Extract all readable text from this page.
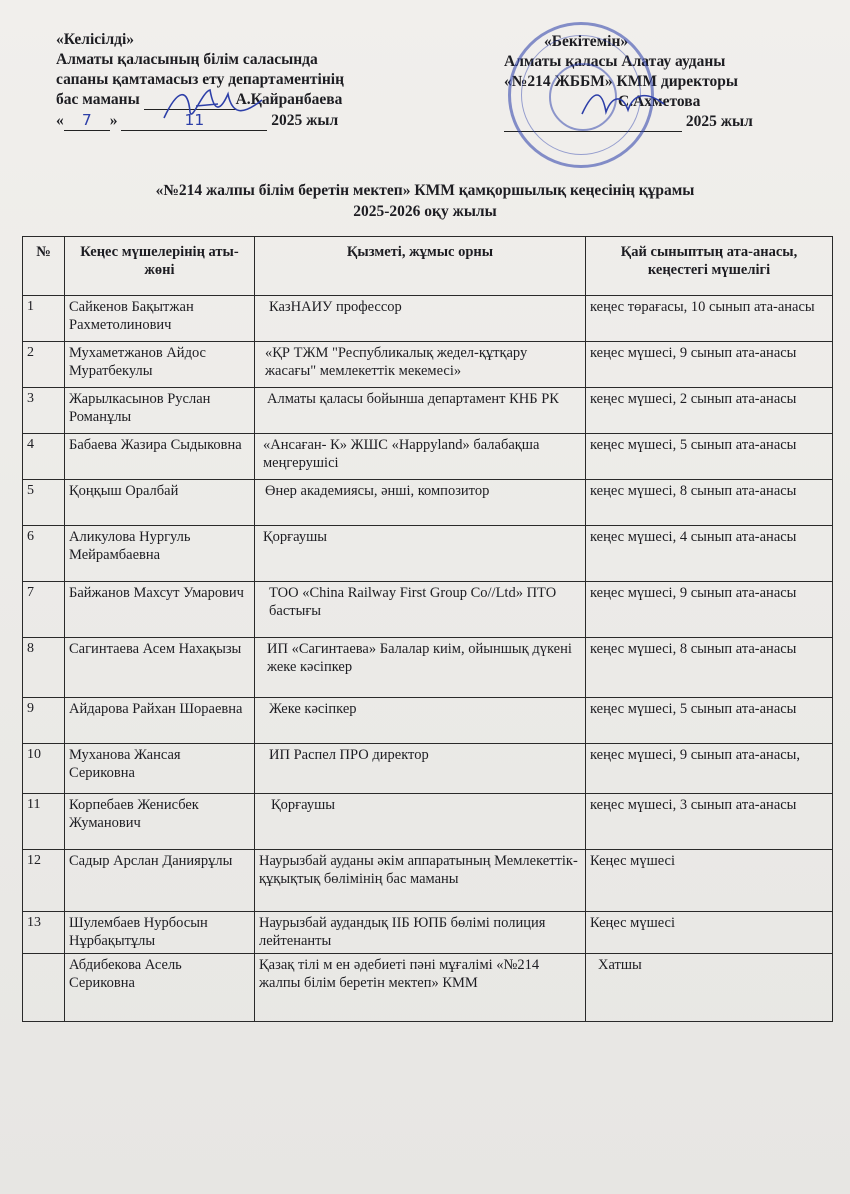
«Келісілді»
Алматы қаласының білім саласында
сапаны қамтамасыз ету департаментінің
бас маманы	А.Қайранбаева
« 7 »	11	2025 жыл
«Бекітемін»
Алматы қаласы Алатау ауданы
«№214 ЖББМ» КММ директоры
С.Ахметова
2025 жыл
«№214 жалпы білім беретін мектеп» КММ қамқоршылық кеңесінің құрамы
2025-2026 оқу жылы
№	Кеңес мүшелерінің аты-жөні	Қызметі, жұмыс орны	Қай сыныптың ата-анасы, кеңестегі мүшелігі
1	Сайкенов Бақытжан Рахметолинович	КазНАИУ профессор	кеңес төрағасы, 10 сынып ата-анасы
2	Мухаметжанов Айдос Муратбекулы	«ҚР ТЖМ "Республикалық жедел-құтқару жасағы" мемлекеттік мекемесі»	кеңес мүшесі, 9 сынып ата-анасы
3	Жарылкасынов Руслан Романұлы	Алматы қаласы бойынша департамент КНБ РК	кеңес мүшесі, 2 сынып ата-анасы
4	Бабаева Жазира Сыдыковна	«Ансаған- К» ЖШС «Happyland» балабақша меңгерушісі	кеңес мүшесі, 5 сынып ата-анасы
5	Қоңқыш Оралбай	Өнер академиясы, әнші, композитор	кеңес мүшесі, 8 сынып ата-анасы
6	Аликулова Нургуль Мейрамбаевна	Қорғаушы	кеңес мүшесі, 4 сынып ата-анасы
7	Байжанов Махсут Умарович	ТОО «China Railway First Group Co//Ltd» ПТО бастығы	кеңес мүшесі, 9 сынып ата-анасы
8	Сагинтаева Асем Нахақызы	ИП «Сагинтаева» Балалар киім, ойыншық дүкені жеке кәсіпкер	кеңес мүшесі, 8 сынып ата-анасы
9	Айдарова Райхан Шораевна	Жеке кәсіпкер	кеңес мүшесі, 5 сынып ата-анасы
10	Муханова Жансая Сериковна	ИП Распел ПРО директор	кеңес мүшесі, 9 сынып ата-анасы,
11	Корпебаев Женисбек Жуманович	Қорғаушы	кеңес мүшесі, 3 сынып ата-анасы
12	Садыр Арслан Даниярұлы	Наурызбай ауданы әкім аппаратының Мемлекеттік-құқықтық бөлімінің бас маманы	Кеңес мүшесі
13	Шулембаев Нурбосын Нұрбақытұлы	Наурызбай аудандық ІІБ ЮПБ бөлімі полиция лейтенанты	Кеңес мүшесі
	Абдибекова Асель Сериковна	Қазақ тілі м ен әдебиеті пәні мұғалімі «№214 жалпы білім беретін мектеп» КММ	Хатшы
